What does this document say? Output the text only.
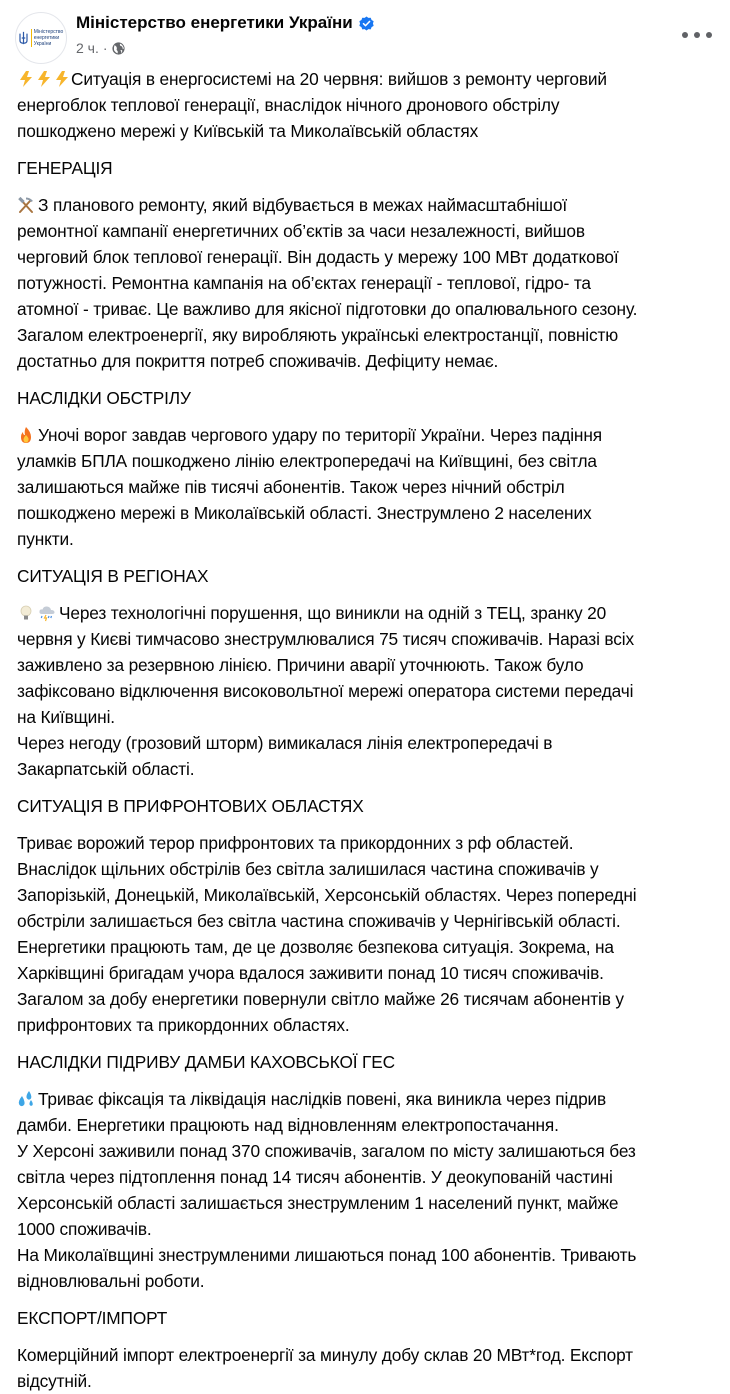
Міністерство
енергетики
України
Міністерство енергетики України
2 ч. ·
Ситуація в енергосистемі на 20 червня: вийшов з ремонту черговий
енергоблок теплової генерації, внаслідок нічного дронового обстрілу
пошкоджено мережі у Київській та Миколаївській областях
ГЕНЕРАЦІЯ
З планового ремонту, який відбувається в межах наймасштабнішої
ремонтної кампанії енергетичних об’єктів за часи незалежності, вийшов
черговий блок теплової генерації. Він додасть у мережу 100 МВт додаткової
потужності. Ремонтна кампанія на об’єктах генерації - теплової, гідро- та
атомної - триває. Це важливо для якісної підготовки до опалювального сезону.
Загалом електроенергії, яку виробляють українські електростанції, повністю
достатньо для покриття потреб споживачів. Дефіциту немає.
НАСЛІДКИ ОБСТРІЛУ
Уночі ворог завдав чергового удару по території України. Через падіння
уламків БПЛА пошкоджено лінію електропередачі на Київщині, без світла
залишаються майже пів тисячі абонентів. Також через нічний обстріл
пошкоджено мережі в Миколаївській області. Знеструмлено 2 населених
пункти.
СИТУАЦІЯ В РЕГІОНАХ
Через технологічні порушення, що виникли на одній з ТЕЦ, зранку 20
червня у Києві тимчасово знеструмлювалися 75 тисяч споживачів. Наразі всіх
заживлено за резервною лінією. Причини аварії уточнюють. Також було
зафіксовано відключення високовольтної мережі оператора системи передачі
на Київщині.
Через негоду (грозовий шторм) вимикалася лінія електропередачі в
Закарпатській області.
СИТУАЦІЯ В ПРИФРОНТОВИХ ОБЛАСТЯХ
Триває ворожий терор прифронтових та прикордонних з рф областей.
Внаслідок щільних обстрілів без світла залишилася частина споживачів у
Запорізькій, Донецькій, Миколаївській, Херсонській областях. Через попередні
обстріли залишається без світла частина споживачів у Чернігівській області.
Енергетики працюють там, де це дозволяє безпекова ситуація. Зокрема, на
Харківщині бригадам учора вдалося заживити понад 10 тисяч споживачів.
Загалом за добу енергетики повернули світло майже 26 тисячам абонентів у
прифронтових та прикордонних областях.
НАСЛІДКИ ПІДРИВУ ДАМБИ КАХОВСЬКОЇ ГЕС
Триває фіксація та ліквідація наслідків повені, яка виникла через підрив
дамби. Енергетики працюють над відновленням електропостачання.
У Херсоні заживили понад 370 споживачів, загалом по місту залишаються без
світла через підтоплення понад 14 тисяч абонентів. У деокупованій частині
Херсонській області залишається знеструмленим 1 населений пункт, майже
1000 споживачів.
На Миколаївщині знеструмленими лишаються понад 100 абонентів. Тривають
відновлювальні роботи.
ЕКСПОРТ/ІМПОРТ
Комерційний імпорт електроенергії за минулу добу склав 20 МВт*год. Експорт
відсутній.
